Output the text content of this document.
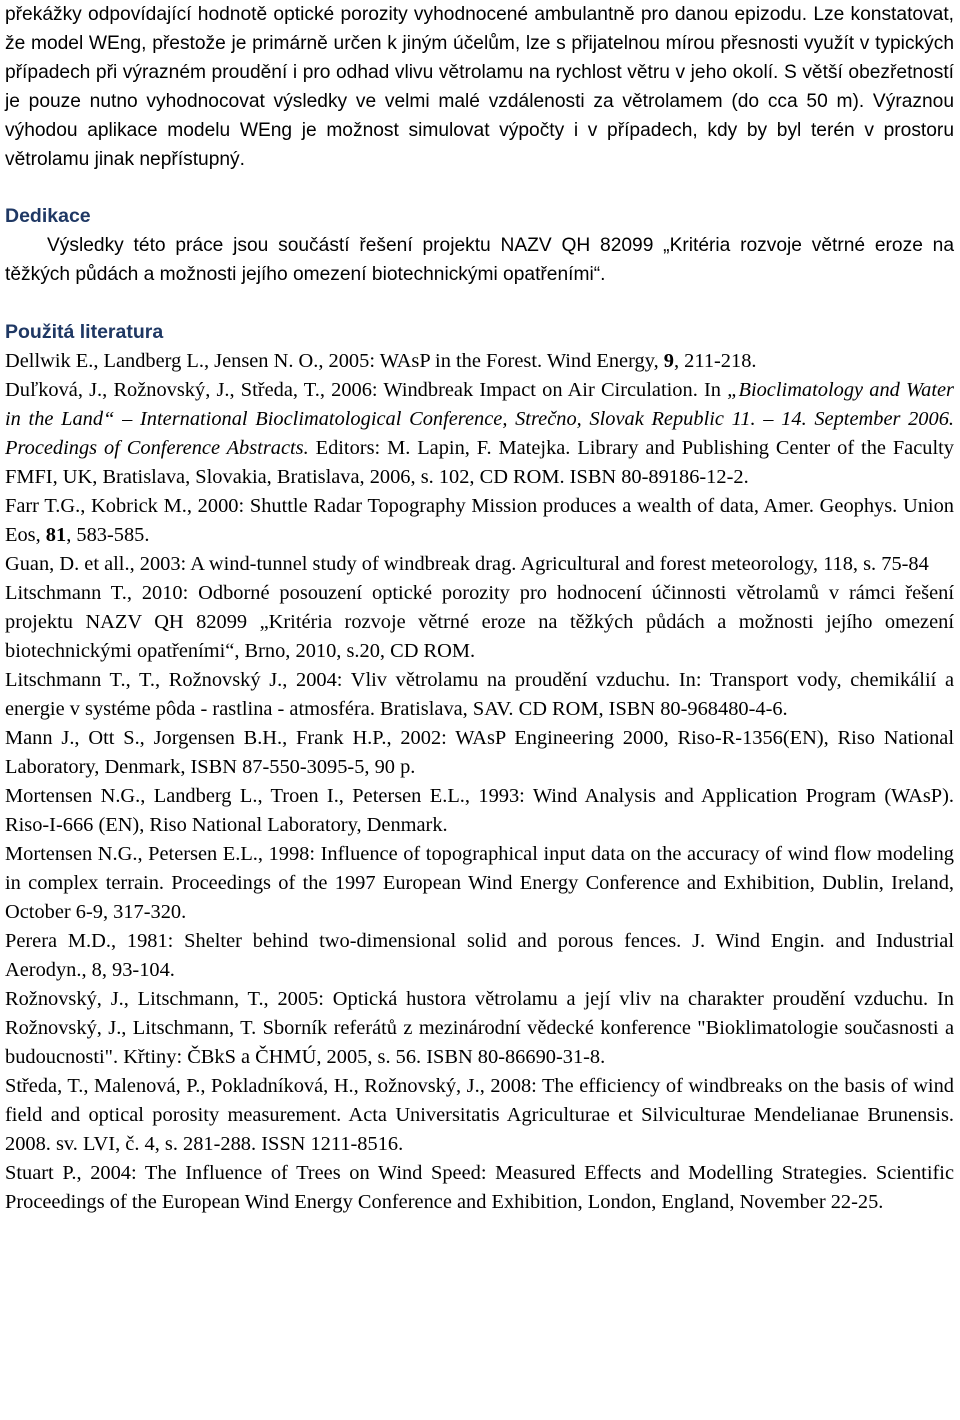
překážky odpovídající hodnotě optické porozity vyhodnocené ambulantně pro danou epizodu. Lze konstatovat, že model WEng, přestože je primárně určen k jiným účelům, lze s přijatelnou mírou přesnosti využít v typických případech při výrazném proudění i pro odhad vlivu větrolamu na rychlost větru v jeho okolí. S větší obezřetností je pouze nutno vyhodnocovat výsledky ve velmi malé vzdálenosti za větrolamem (do cca 50 m). Výraznou výhodou aplikace modelu WEng je možnost simulovat výpočty i v případech, kdy by byl terén v prostoru větrolamu jinak nepřístupný.

Dedikace

Výsledky této práce jsou součástí řešení projektu NAZV QH 82099 „Kritéria rozvoje větrné eroze na těžkých půdách a možnosti jejího omezení biotechnickými opatřeními“.

Použitá literatura

Dellwik E., Landberg L., Jensen N. O., 2005: WAsP in the Forest. Wind Energy, 9, 211-218.

Duľková, J., Rožnovský, J., Středa, T., 2006: Windbreak Impact on Air Circulation. In „Bioclimatology and Water in the Land“ – International Bioclimatological Conference, Strečno, Slovak Republic 11. – 14. September 2006. Procedings of Conference Abstracts. Editors: M. Lapin, F. Matejka. Library and Publishing Center of the Faculty FMFI, UK, Bratislava, Slovakia, Bratislava, 2006, s. 102, CD ROM. ISBN 80-89186-12-2.

Farr T.G., Kobrick M., 2000: Shuttle Radar Topography Mission produces a wealth of data, Amer. Geophys. Union Eos, 81, 583-585.

Guan, D. et all., 2003: A wind-tunnel study of windbreak drag. Agricultural and forest meteorology, 118, s. 75-84

Litschmann T., 2010: Odborné posouzení optické porozity pro hodnocení účinnosti větrolamů v rámci řešení projektu NAZV QH 82099 „Kritéria rozvoje větrné eroze na těžkých půdách a možnosti jejího omezení biotechnickými opatřeními“, Brno, 2010, s.20, CD ROM.

Litschmann T., T., Rožnovský J., 2004: Vliv větrolamu na proudění vzduchu. In: Transport vody, chemikálií a energie v systéme pôda - rastlina - atmosféra. Bratislava, SAV. CD ROM, ISBN 80-968480-4-6.

Mann J., Ott S., Jorgensen B.H., Frank H.P., 2002: WAsP Engineering 2000, Riso-R-1356(EN), Riso National Laboratory, Denmark, ISBN 87-550-3095-5, 90 p.

Mortensen N.G., Landberg L., Troen I., Petersen E.L., 1993: Wind Analysis and Application Program (WAsP). Riso-I-666 (EN), Riso National Laboratory, Denmark.

Mortensen N.G., Petersen E.L., 1998: Influence of topographical input data on the accuracy of wind flow modeling in complex terrain. Proceedings of the 1997 European Wind Energy Conference and Exhibition, Dublin, Ireland, October 6-9, 317-320.

Perera M.D., 1981: Shelter behind two-dimensional solid and porous fences. J. Wind Engin. and Industrial Aerodyn., 8, 93-104.

Rožnovský, J., Litschmann, T., 2005: Optická hustora větrolamu a její vliv na charakter proudění vzduchu. In Rožnovský, J., Litschmann, T. Sborník referátů z mezinárodní vědecké konference "Bioklimatologie současnosti a budoucnosti". Křtiny: ČBkS a ČHMÚ, 2005, s. 56. ISBN 80-86690-31-8.

Středa, T., Malenová, P., Pokladníková, H., Rožnovský, J., 2008: The efficiency of windbreaks on the basis of wind field and optical porosity measurement. Acta Universitatis Agriculturae et Silviculturae Mendelianae Brunensis. 2008. sv. LVI, č. 4, s. 281-288. ISSN 1211-8516.

Stuart P., 2004: The Influence of Trees on Wind Speed: Measured Effects and Modelling Strategies. Scientific Proceedings of the European Wind Energy Conference and Exhibition, London, England, November 22-25.
